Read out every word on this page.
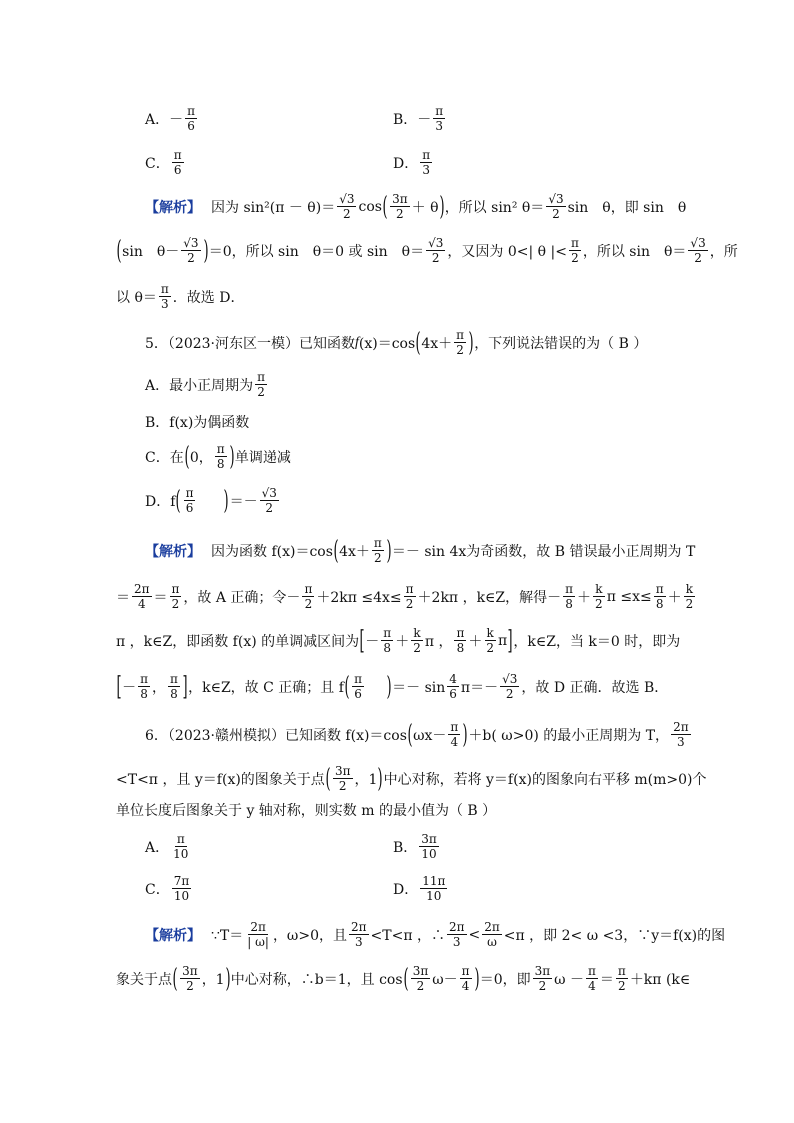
A． － $\frac{\pi}{6}$	B． － $\frac{\pi}{3}$
C． $\frac{\pi}{6}$	D． $\frac{\pi}{3}$
【解析】 因为 $\sin^2(\pi - \theta)= \frac{√3}{2}$ cos ( $\frac{3\pi}{2} + \theta$ ) ，所以 sin² $\theta= \frac{√3}{2}$ sin　θ，即 sin　θ
( sin　$\theta- \frac{√3}{2}$ ) ＝0，所以 sin　θ＝0 或 sin　$\theta= \frac{√3}{2}$ ，又因为 0<| θ |< $\frac{\pi}{2}$ ，所以 sin　$\theta= \frac{√3}{2}$ ，所
以 $\theta= \frac{\pi}{3}$ ．故选 D．
5．（2023·河东区一模）已知函数 f (x)＝cos ( $4x+ \frac{\pi}{2}$ ) ，下列说法错误的为（ B ）
A．最小正周期为 $\frac{\pi}{2}$
B．f(x)为偶函数
C．在 ( 0， $\frac{\pi}{8}$ ) 单调递减
D．f ( $\frac{\pi}{6}$ ) ＝－ $\frac{√3}{2}$
【解析】 因为函数 f(x)＝cos ( $4x+ \frac{\pi}{2}$ ) ＝－ sin 4x为奇函数，故 B 错误最小正周期为 T
＝ $\frac{2\pi}{4} = \frac{\pi}{2}$ ，故 A 正确；令－ $\frac{\pi}{2} +2k\pi \le 4x\le \frac{\pi}{2} +2k\pi$ ，k∈Z，解得－ $\frac{\pi}{8} + \frac{k}{2}$ $\pi \le x\le \frac{\pi}{8} + \frac{k}{2}$
π ，k∈Z，即函数 f(x) 的单调减区间为 [ － $\frac{\pi}{8} + \frac{k}{2}$ π ， $\frac{\pi}{8} + \frac{k}{2}$ π ] ，k∈Z，当 k＝0 时，即为
[ － $\frac{\pi}{8}$ ， $\frac{\pi}{8}$ ] ，k∈Z，故 C 正确；且 f ( $\frac{\pi}{6}$ ) ＝－ $\sin \frac{4}{6} \pi=- \frac{√3}{2}$ ，故 D 正确．故选 B．
6．（2023·赣州模拟）已知函数 f(x)＝cos ( $\omega x- \frac{\pi}{4}$ ) ＋b( ω>0) 的最小正周期为 T， $\frac{2\pi}{3}$
<T<π ，且 y＝f(x)的图象关于点 ( $\frac{3\pi}{2}$ ，1 ) 中心对称，若将 y＝f(x)的图象向右平移 m(m>0)个
单位长度后图象关于 y 轴对称，则实数 m 的最小值为（ B ）
A． $\frac{\pi}{10}$	B． $\frac{3\pi}{10}$
C． $\frac{7\pi}{10}$	D． $\frac{11\pi}{10}$
【解析】 ∵T＝ $\frac{2\pi}{| \omega|}$ ，ω>0，且 $\frac{2\pi}{3} <T<\pi$ ，∴ $\frac{2\pi}{3} < \frac{2\pi}{\omega} <\pi$ ，即 2< ω <3，∵y＝f(x)的图
象关于点 ( $\frac{3\pi}{2}$ ，1 ) 中心对称，∴b＝1，且 cos ( $\frac{3\pi}{2} \omega- \frac{\pi}{4}$ ) ＝0，即 $\frac{3\pi}{2}$ $\omega - \frac{\pi}{4} = \frac{\pi}{2} +k\pi$ (k∈
